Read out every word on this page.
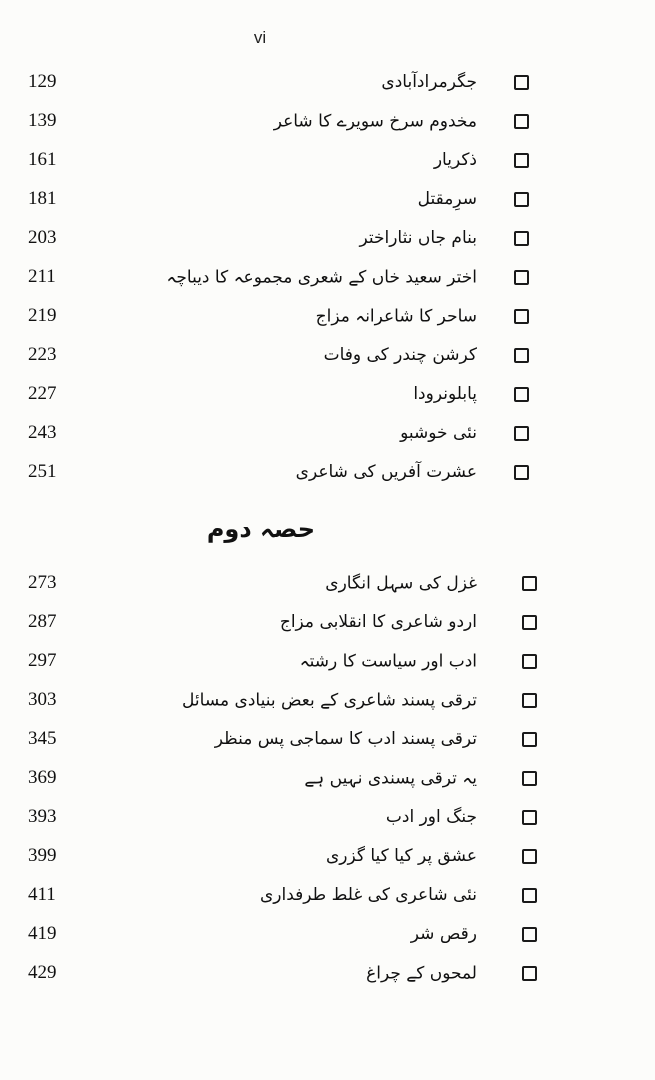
vi
129	جگرمرادآبادی
139	مخدوم سرخ سویرے کا شاعر
161	ذکریار
181	سرِمقتل
203	بنام جاں نثاراختر
211	اختر سعید خاں کے شعری مجموعہ کا دیباچہ
219	ساحر کا شاعرانہ مزاج
223	کرشن چندر کی وفات
227	پابلونرودا
243	نئی خوشبو
251	عشرت آفریں کی شاعری
حصہ دوم
273	غزل کی سہل انگاری
287	اردو شاعری کا انقلابی مزاج
297	ادب اور سیاست کا رشتہ
303	ترقی پسند شاعری کے بعض بنیادی مسائل
345	ترقی پسند ادب کا سماجی پس منظر
369	یہ ترقی پسندی نہیں ہے
393	جنگ اور ادب
399	عشق پر کیا کیا گزری
411	نئی شاعری کی غلط طرفداری
419	رقص شر
429	لمحوں کے چراغ
